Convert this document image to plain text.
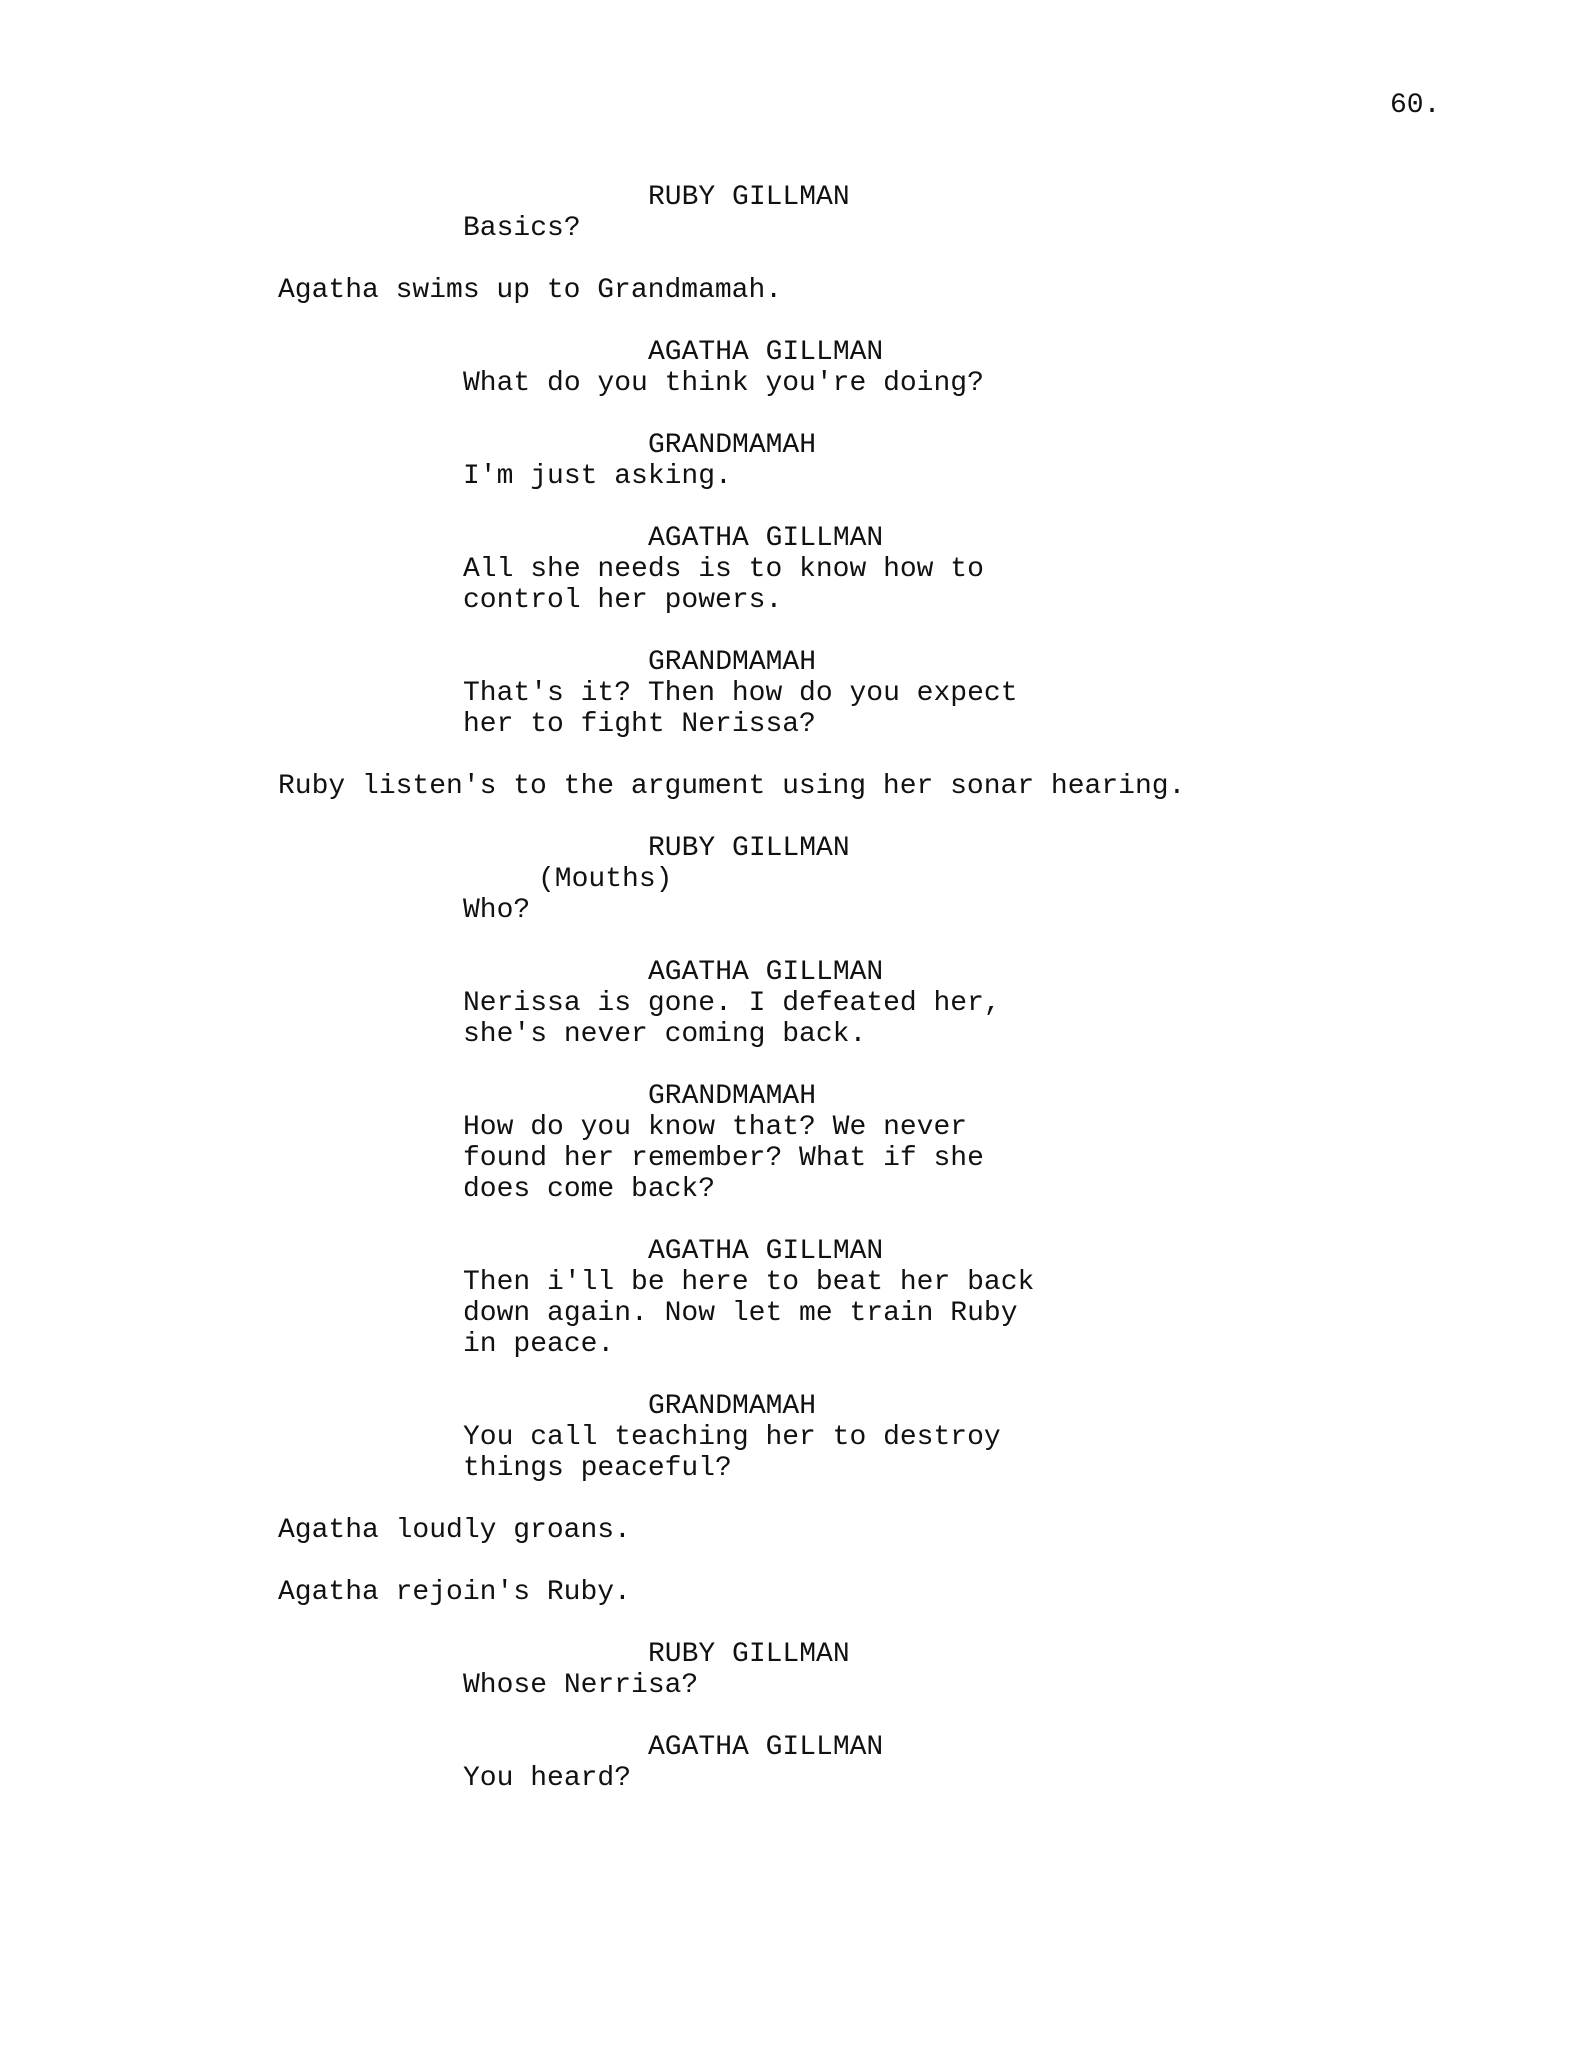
60.

RUBY GILLMAN

Basics?

Agatha swims up to Grandmamah.

AGATHA GILLMAN

What do you think you're doing?

GRANDMAMAH

I'm just asking.

AGATHA GILLMAN

All she needs is to know how to
control her powers.

GRANDMAMAH

That's it? Then how do you expect
her to fight Nerissa?

Ruby listen's to the argument using her sonar hearing.

RUBY GILLMAN

(Mouths)

Who?

AGATHA GILLMAN

Nerissa is gone. I defeated her,
she's never coming back.

GRANDMAMAH

How do you know that? We never
found her remember? What if she
does come back?

AGATHA GILLMAN

Then i'll be here to beat her back
down again. Now let me train Ruby
in peace.

GRANDMAMAH

You call teaching her to destroy
things peaceful?

Agatha loudly groans.

Agatha rejoin's Ruby.

RUBY GILLMAN

Whose Nerrisa?

AGATHA GILLMAN

You heard?
